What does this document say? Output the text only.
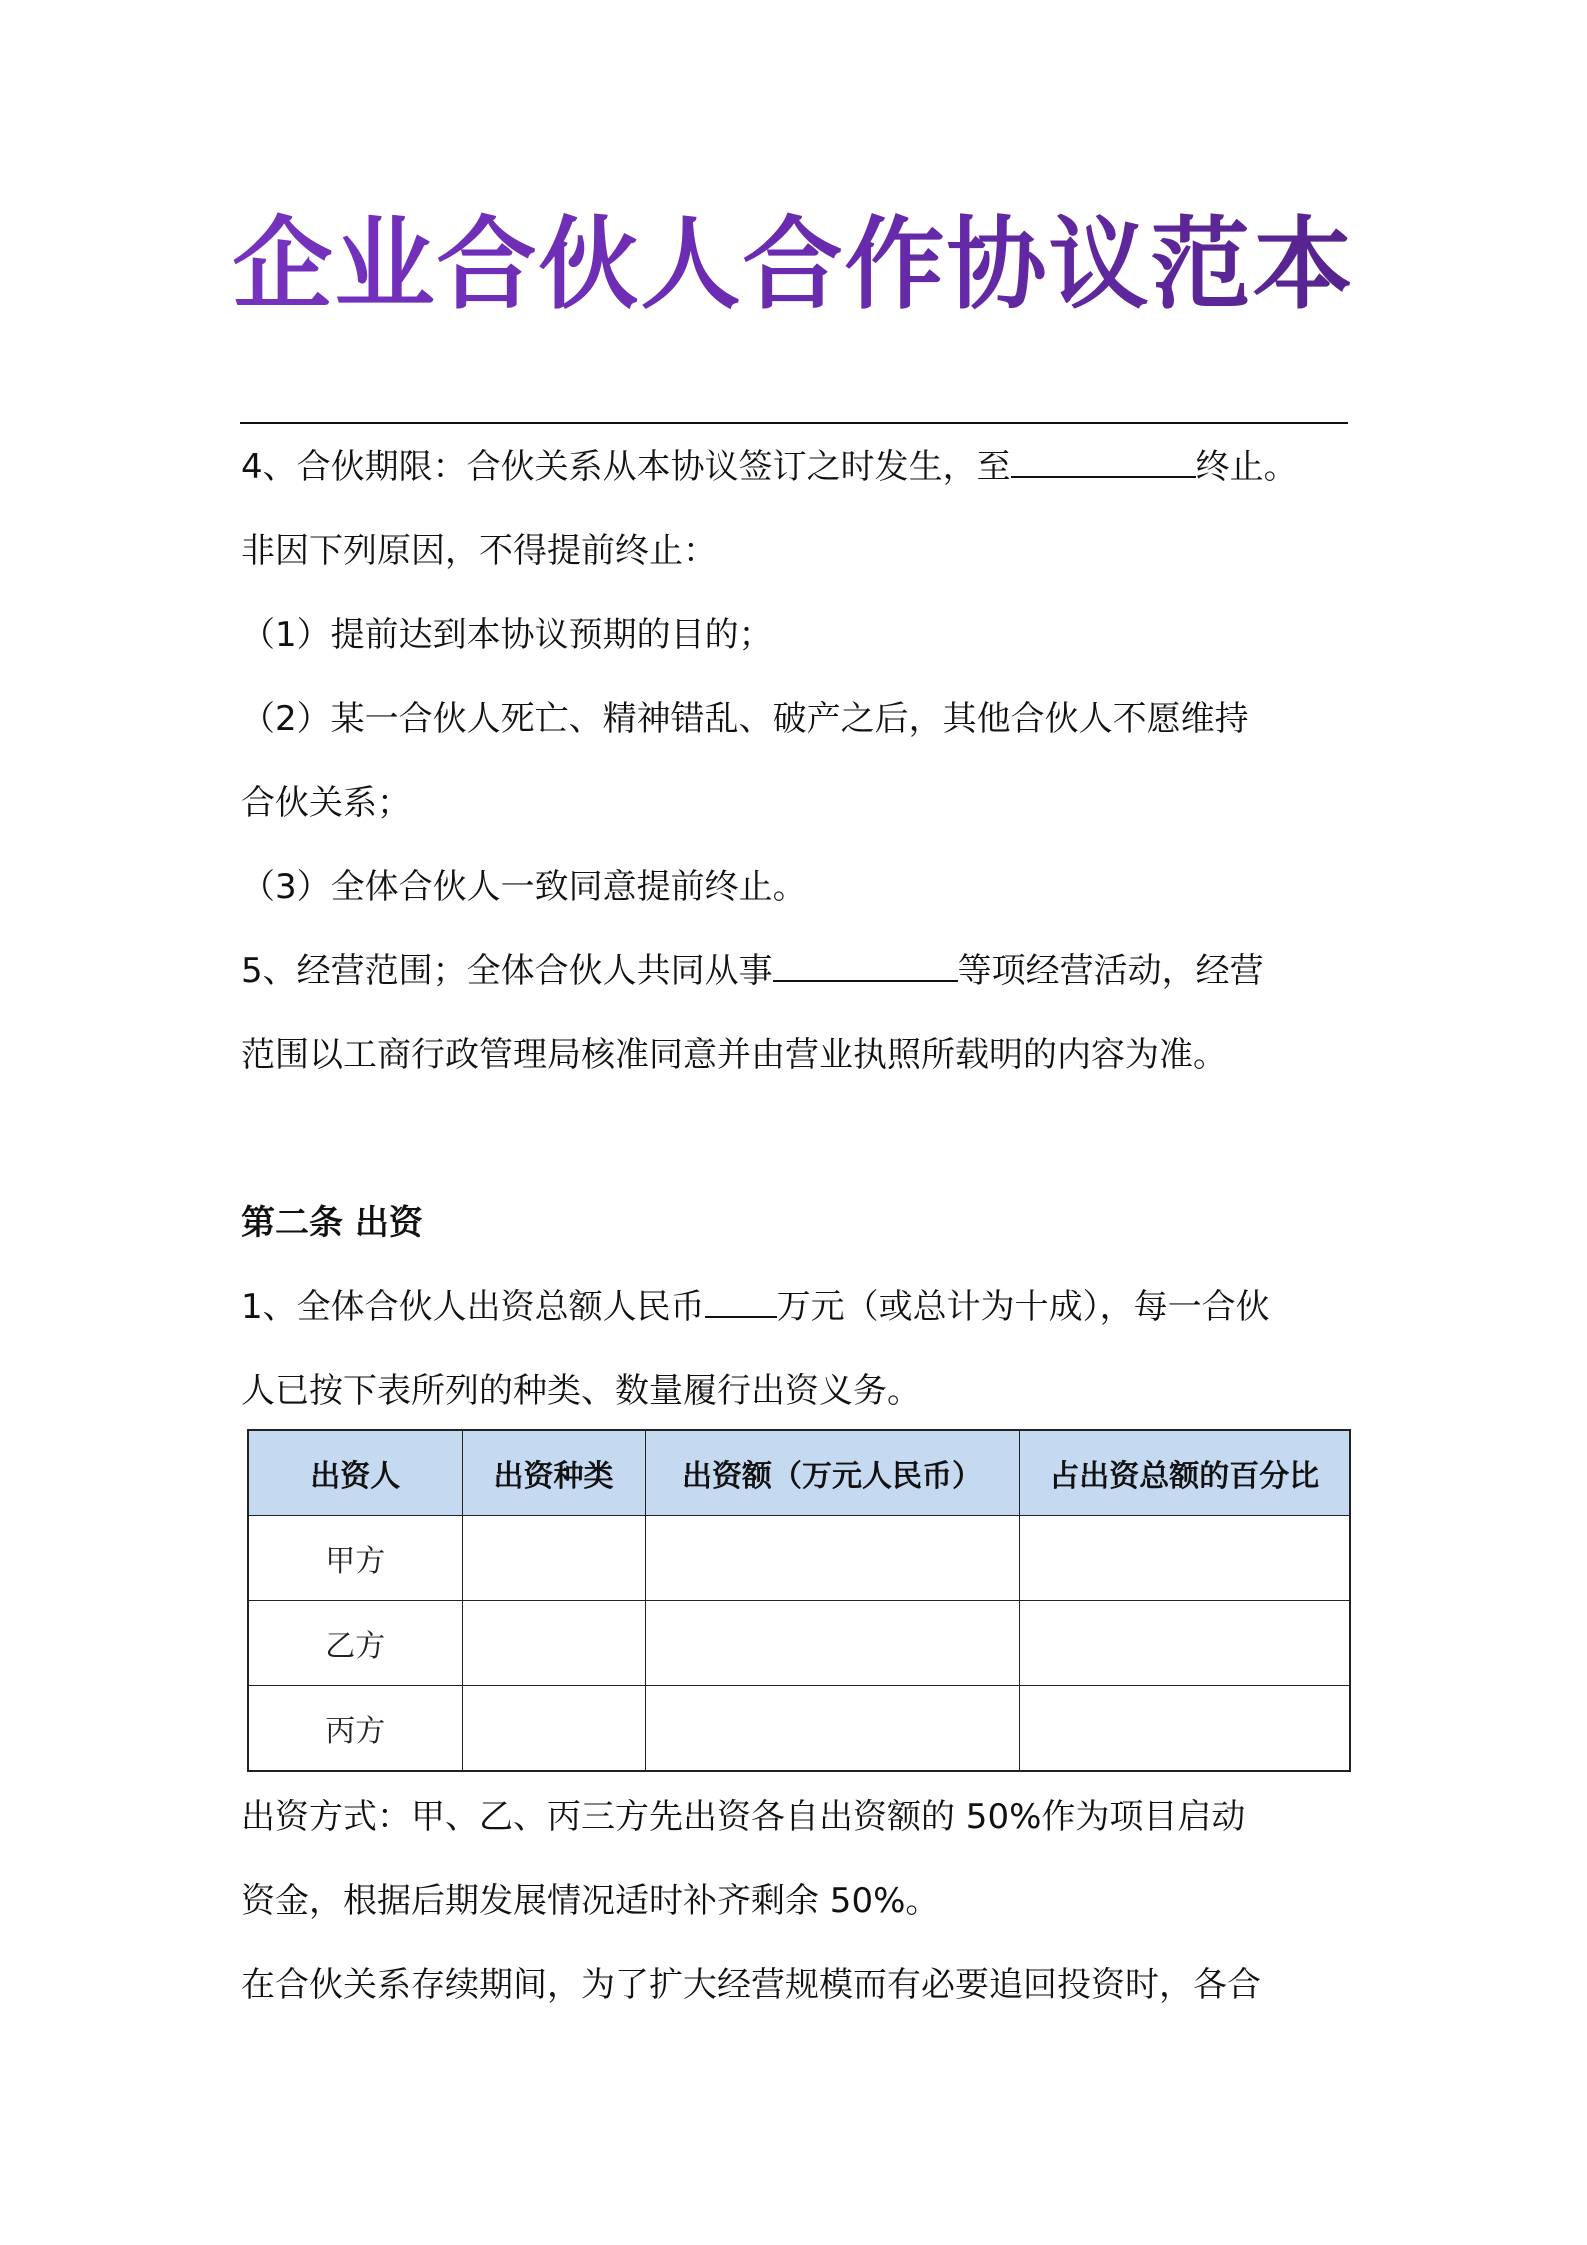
企业合伙人合作协议范本

4、合伙期限：合伙关系从本协议签订之时发生，至	终止。

非因下列原因，不得提前终止：

（1）提前达到本协议预期的目的；

（2）某一合伙人死亡、精神错乱、破产之后，其他合伙人不愿维持

合伙关系；

（3）全体合伙人一致同意提前终止。

5、经营范围；全体合伙人共同从事	等项经营活动，经营

范围以工商行政管理局核准同意并由营业执照所载明的内容为准。

第二条 出资

1、全体合伙人出资总额人民币 万元（或总计为十成），每一合伙

人已按下表所列的种类、数量履行出资义务。

出资人	出资种类	出资额（万元人民币）	占出资总额的百分比
甲方			
乙方			
丙方			

出资方式：甲、乙、丙三方先出资各自出资额的 50%作为项目启动

资金，根据后期发展情况适时补齐剩余 50%。

在合伙关系存续期间，为了扩大经营规模而有必要追回投资时，各合
